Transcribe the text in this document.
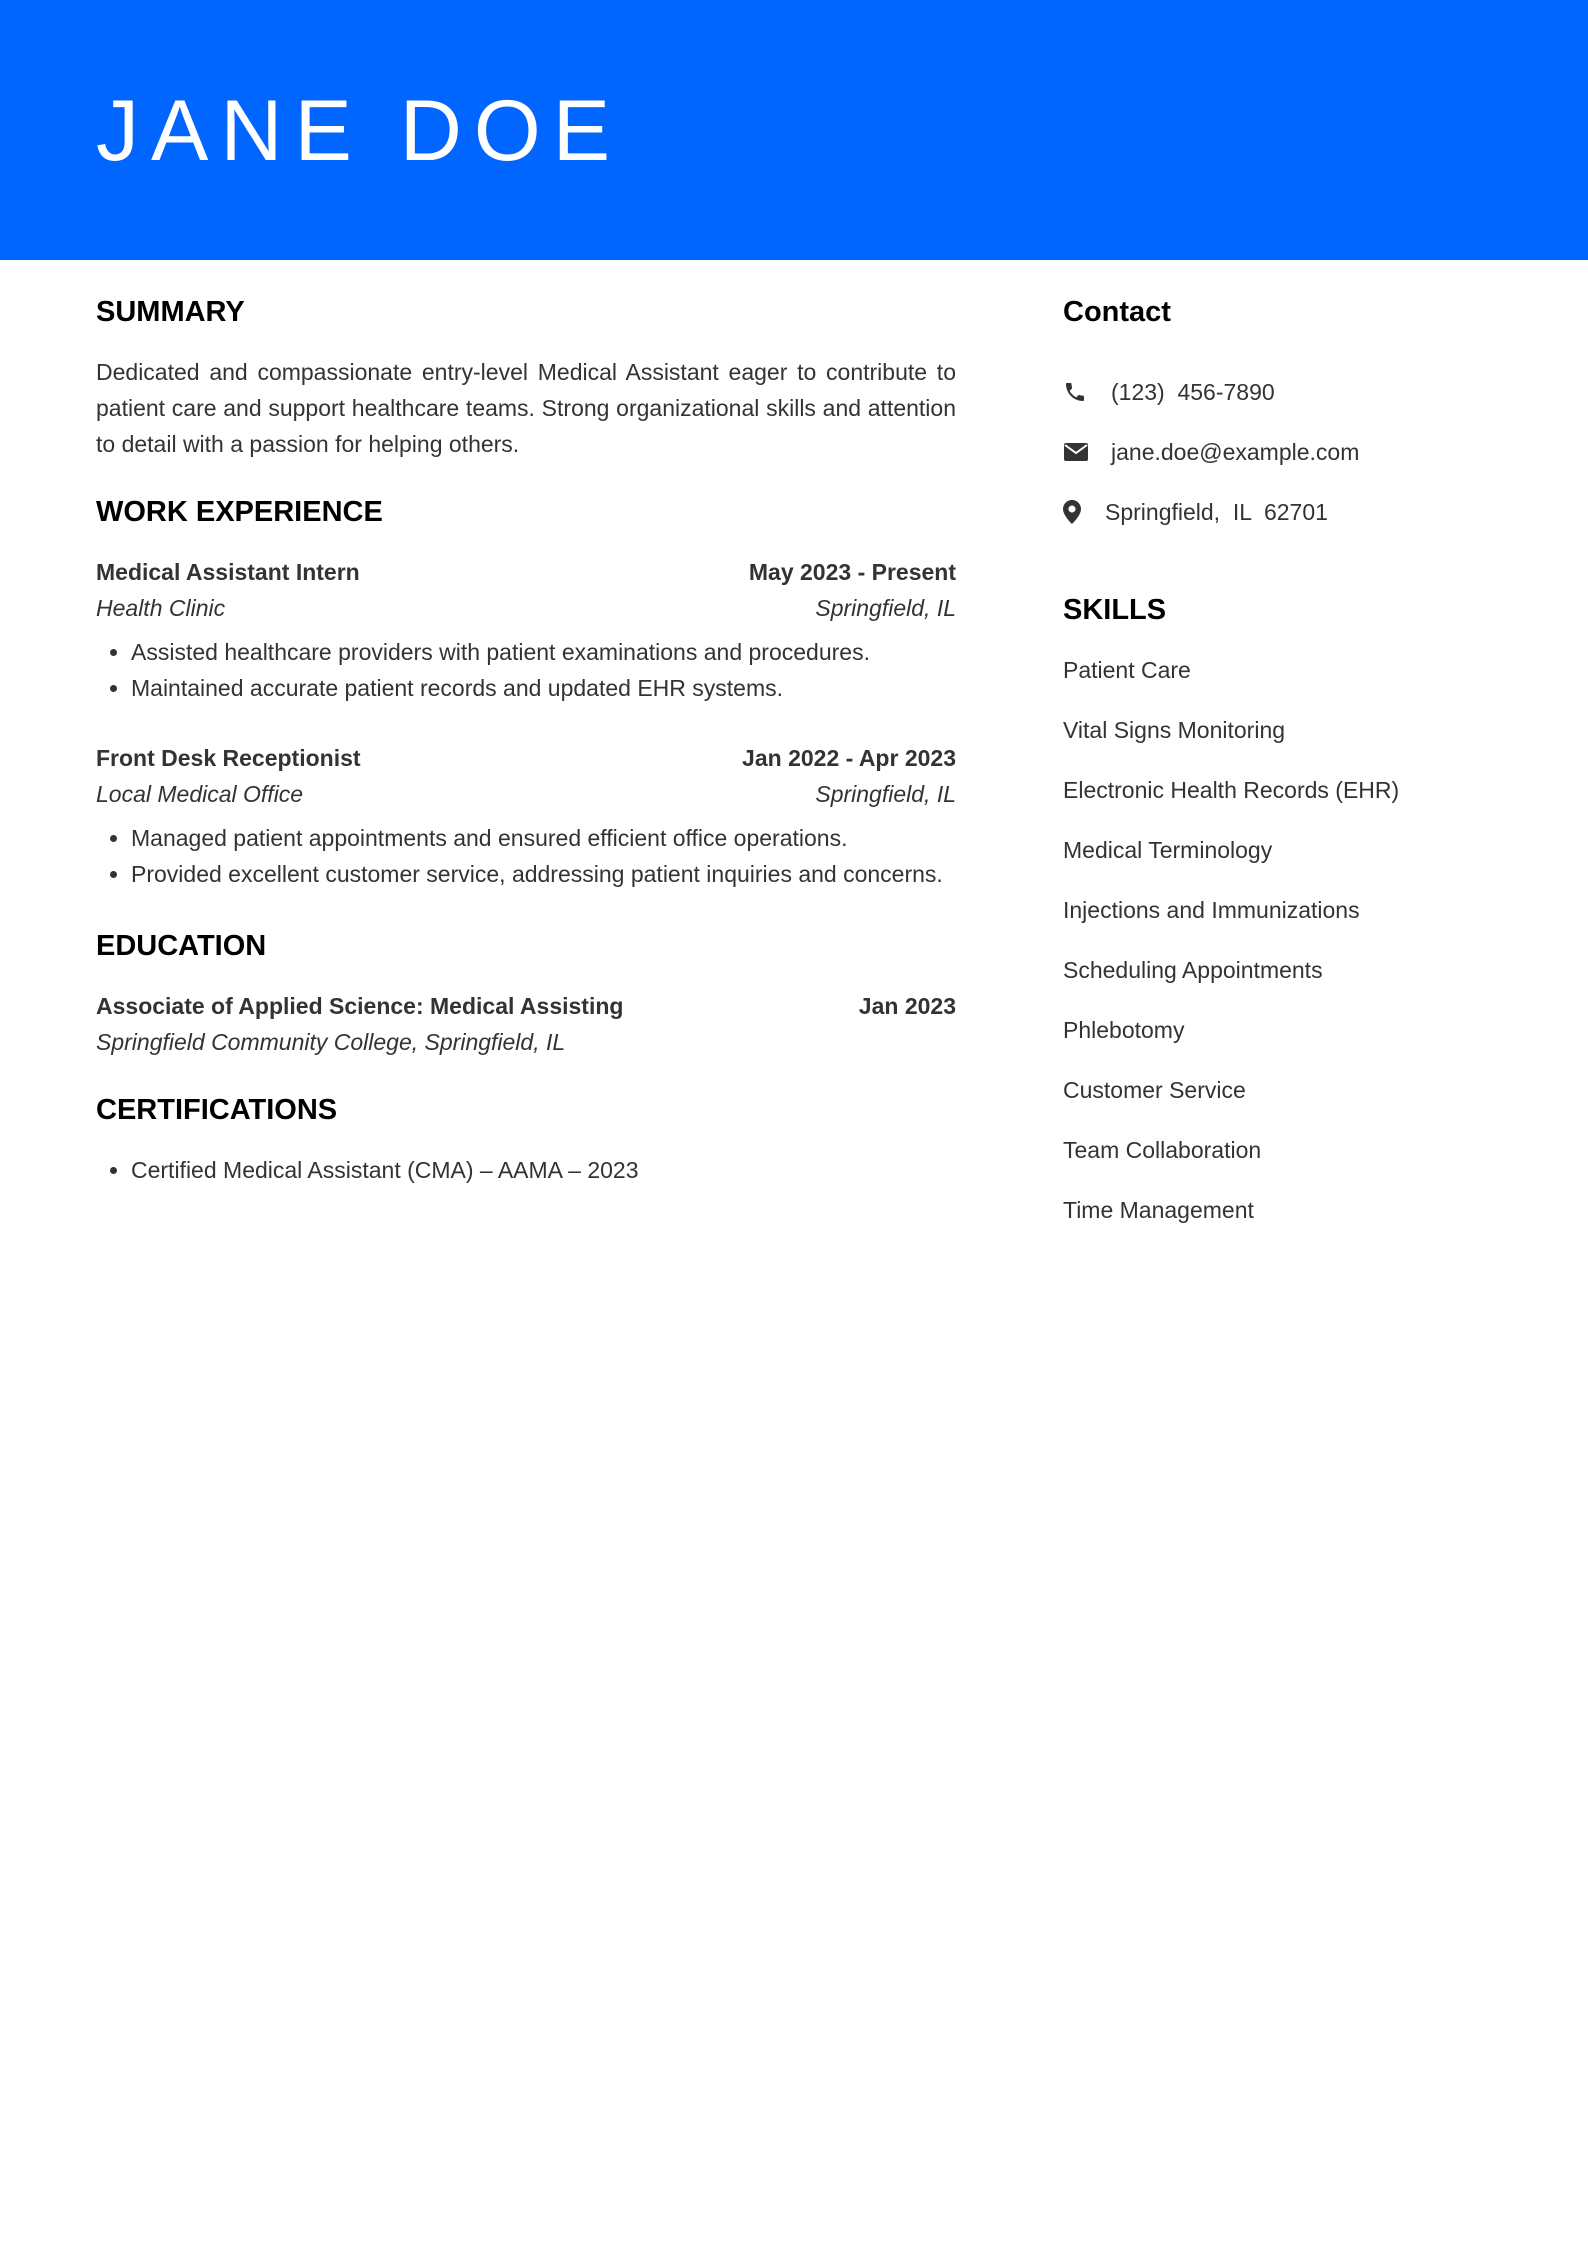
JANE DOE
SUMMARY

Dedicated and compassionate entry-level Medical Assistant eager to contribute to patient care and support healthcare teams. Strong organizational skills and attention to detail with a passion for helping others.

WORK EXPERIENCE
Medical Assistant Intern	May 2023 - Present
Health Clinic	Springfield, IL
• Assisted healthcare providers with patient examinations and procedures.
• Maintained accurate patient records and updated EHR systems.
Front Desk Receptionist	Jan 2022 - Apr 2023
Local Medical Office	Springfield, IL
• Managed patient appointments and ensured efficient office operations.
• Provided excellent customer service, addressing patient inquiries and concerns.
EDUCATION
Associate of Applied Science: Medical Assisting	Jan 2023
Springfield Community College, Springfield, IL
CERTIFICATIONS
• Certified Medical Assistant (CMA) – AAMA – 2023
Contact
(123)  456-7890
jane.doe@example.com
Springfield,  IL  62701
SKILLS
Patient Care
Vital Signs Monitoring
Electronic Health Records (EHR)
Medical Terminology
Injections and Immunizations
Scheduling Appointments
Phlebotomy
Customer Service
Team Collaboration
Time Management
